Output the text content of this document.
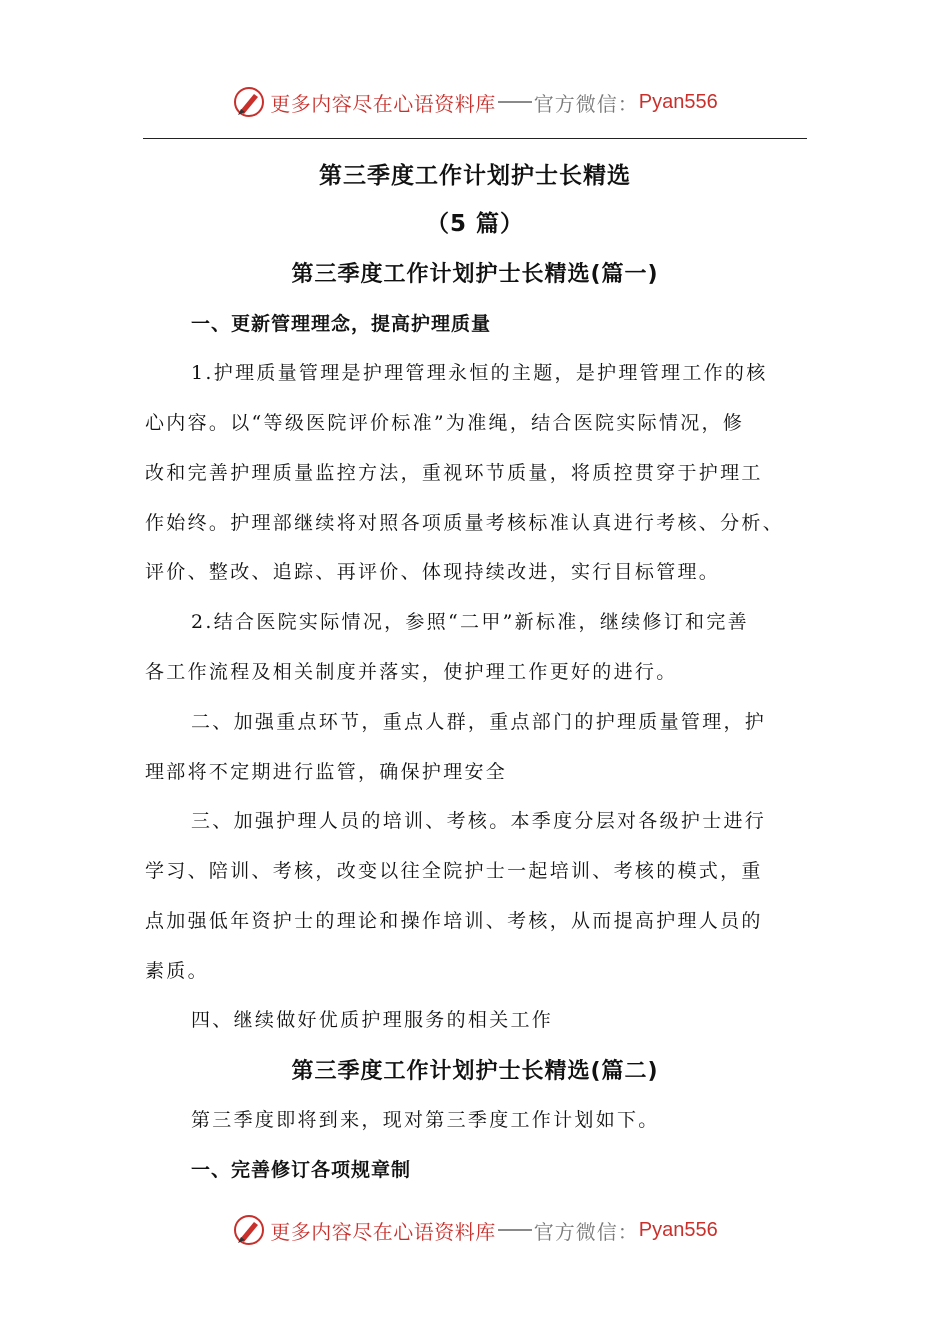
更多内容尽在心语资料库 官方微信： Pyan556
第三季度工作计划护士长精选
（5 篇）
第三季度工作计划护士长精选(篇一)
一、更新管理理念，提高护理质量
1.护理质量管理是护理管理永恒的主题，是护理管理工作的核
心内容。以“等级医院评价标准”为准绳，结合医院实际情况，修
改和完善护理质量监控方法，重视环节质量，将质控贯穿于护理工
作始终。护理部继续将对照各项质量考核标准认真进行考核、分析、
评价、整改、追踪、再评价、体现持续改进，实行目标管理。
2.结合医院实际情况，参照“二甲”新标准，继续修订和完善
各工作流程及相关制度并落实，使护理工作更好的进行。
二、加强重点环节，重点人群，重点部门的护理质量管理，护
理部将不定期进行监管，确保护理安全
三、加强护理人员的培训、考核。本季度分层对各级护士进行
学习、陪训、考核，改变以往全院护士一起培训、考核的模式，重
点加强低年资护士的理论和操作培训、考核，从而提高护理人员的
素质。
四、继续做好优质护理服务的相关工作
第三季度工作计划护士长精选(篇二)
第三季度即将到来，现对第三季度工作计划如下。
一、完善修订各项规章制
更多内容尽在心语资料库 官方微信： Pyan556
